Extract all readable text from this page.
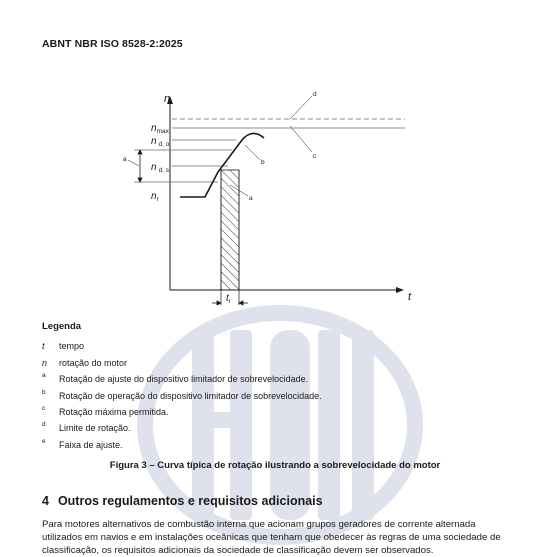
ABNT NBR ISO 8528-2:2025
n
t
a
$n_{max}$
n $_{d, o}$
n $_{d, s}$
$n_r$
$t_r$
b
a
c
d
Legenda
t	tempo
n	rotação do motor
a	Rotação de ajuste do dispositivo limitador de sobrevelocidade.
b	Rotação de operação do dispositivo limitador de sobrevelocidade.
c	Rotação máxima permitida.
d	Limite de rotação.
e	Faixa de ajuste.
Figura 3 – Curva típica de rotação ilustrando a sobrevelocidade do motor
4 Outros regulamentos e requisitos adicionais
Para motores alternativos de combustão interna que acionam grupos geradores de corrente alternada utilizados em navios e em instalações oceânicas que tenham que obedecer às regras de uma sociedade de classificação, os requisitos adicionais da sociedade de classificação devem ser observados.
